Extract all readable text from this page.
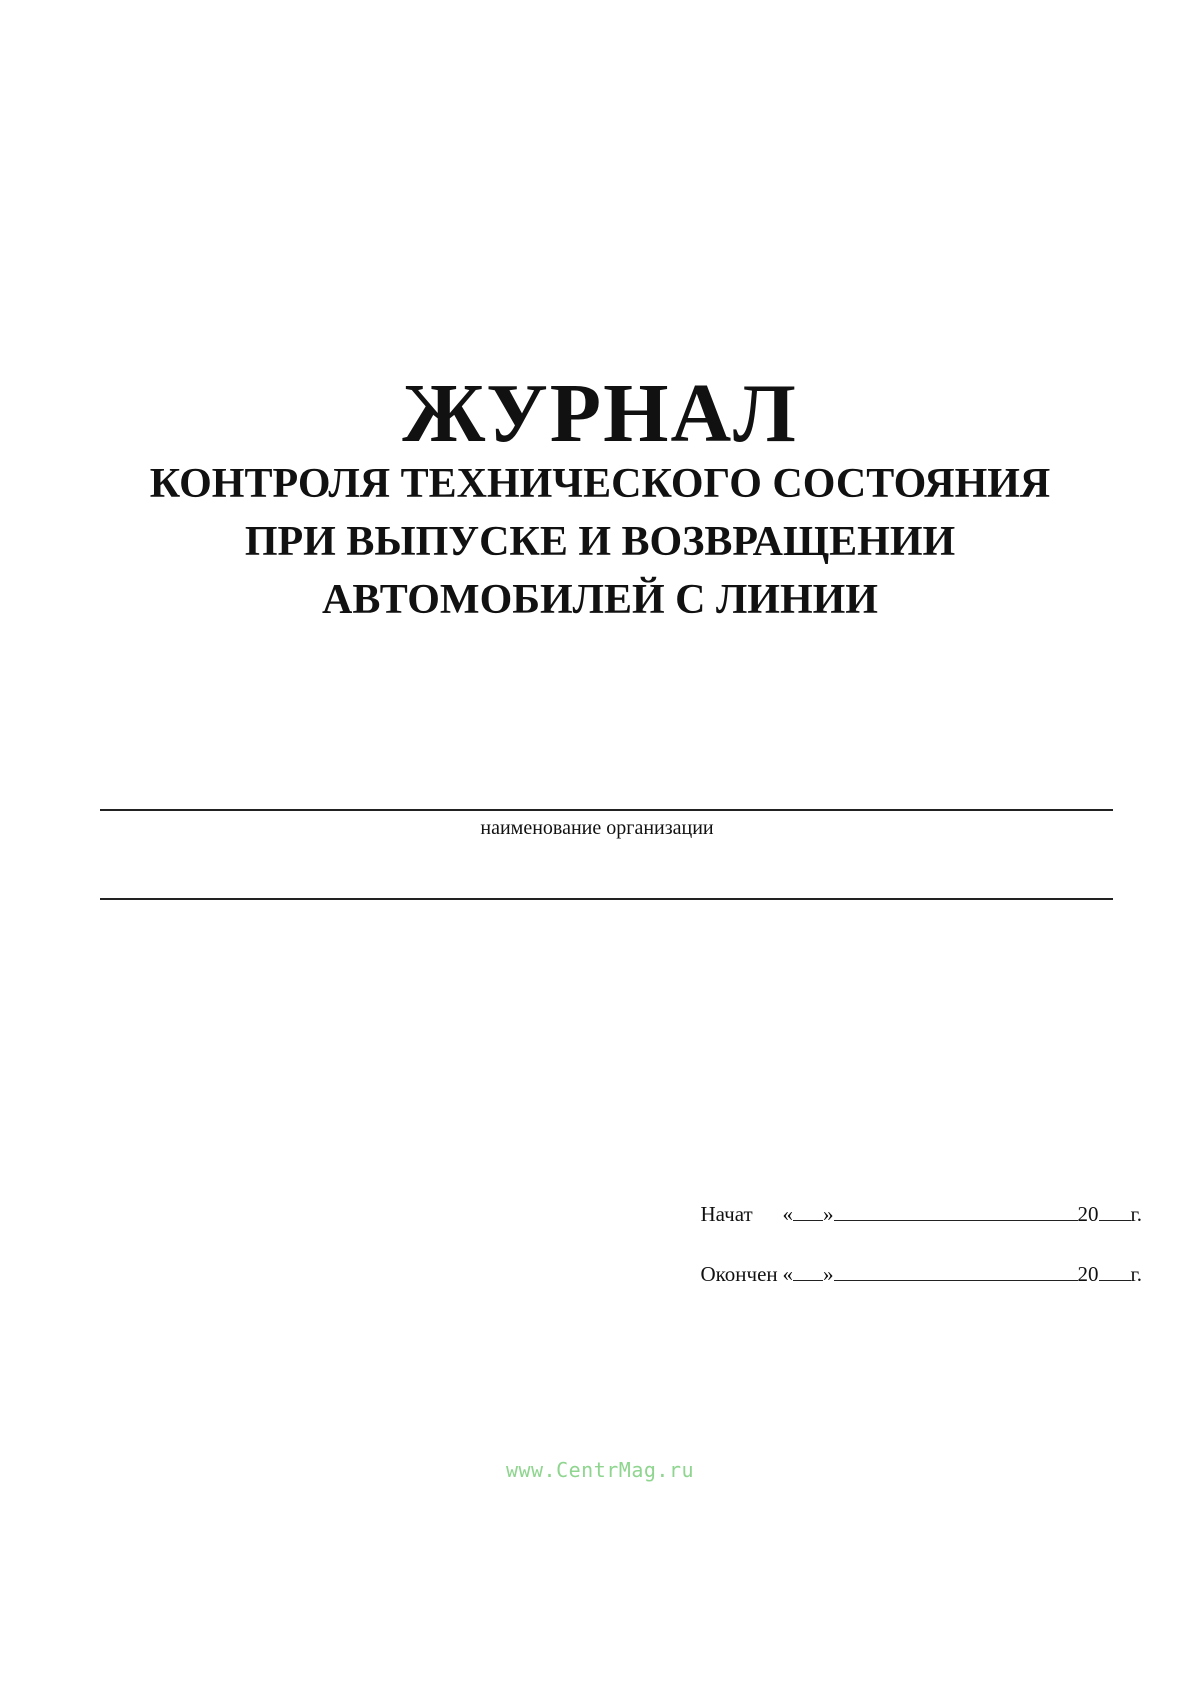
ЖУРНАЛ

КОНТРОЛЯ ТЕХНИЧЕСКОГО СОСТОЯНИЯ

ПРИ ВЫПУСКЕ И ВОЗВРАЩЕНИИ

АВТОМОБИЛЕЙ С ЛИНИИ

наименование организации
Начат	« »	20 г.
Окончен « »	20 г.
www.CentrMag.ru
